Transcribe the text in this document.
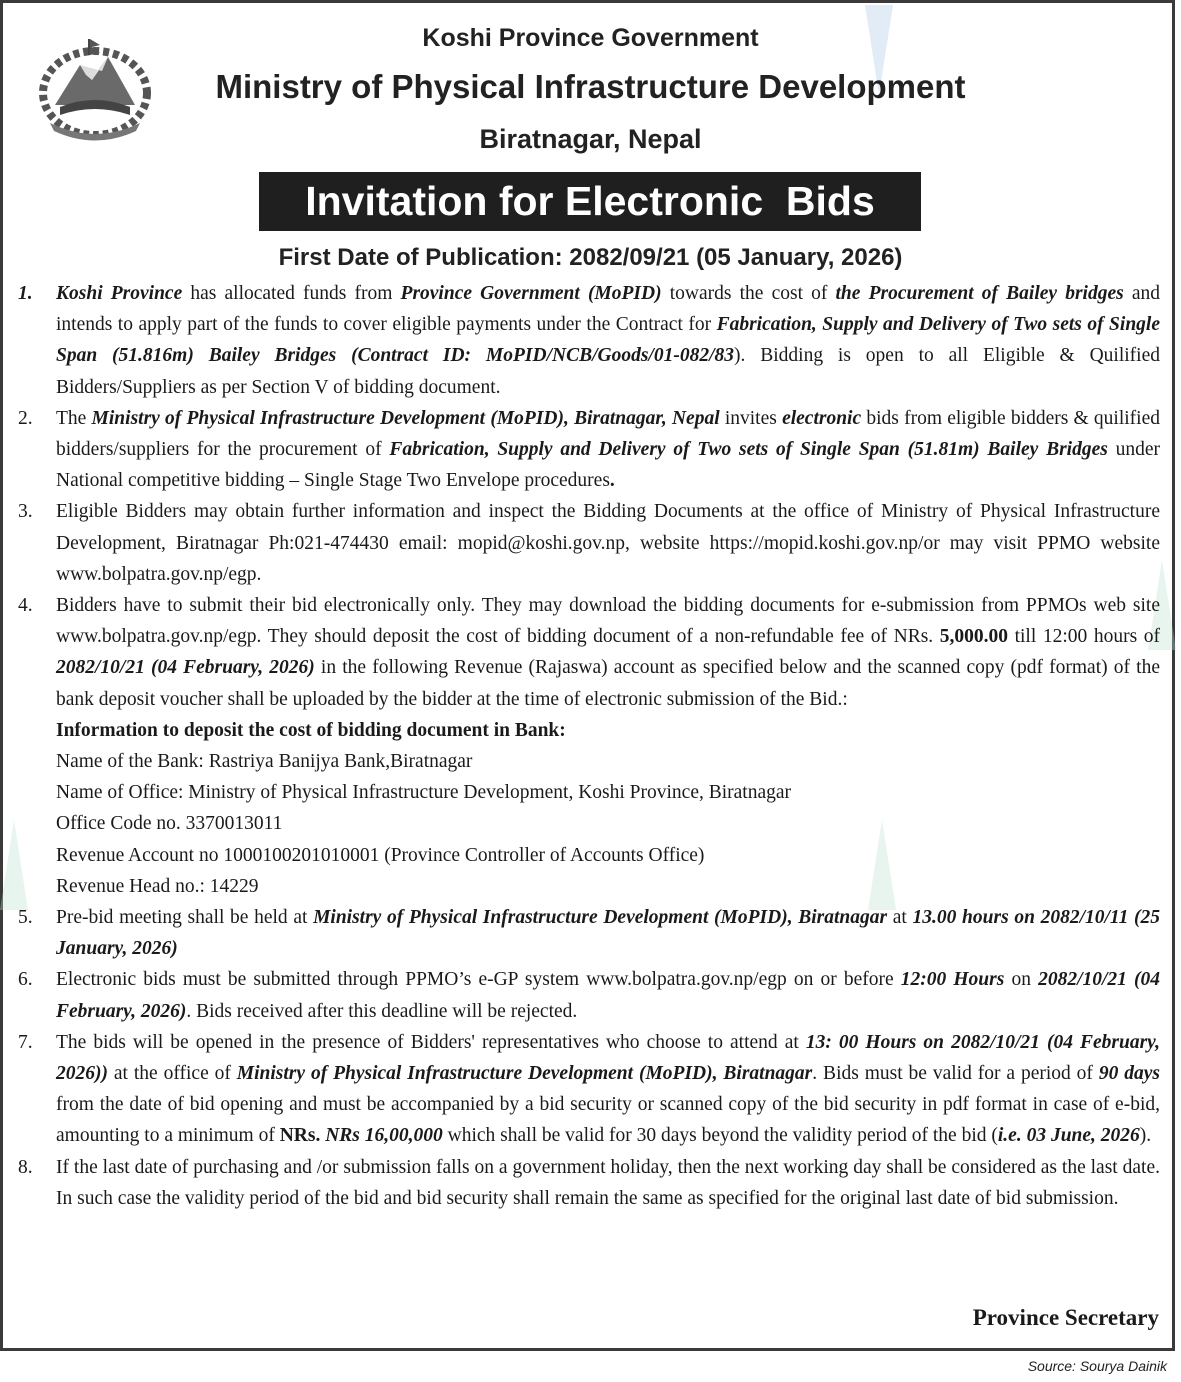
Koshi Province Government
Ministry of Physical Infrastructure Development
Biratnagar, Nepal
Invitation for Electronic  Bids
First Date of Publication: 2082/09/21 (05 January, 2026)
1.	Koshi Province has allocated funds from Province Government (MoPID) towards the cost of the Procurement of Bailey bridges and intends to apply part of the funds to cover eligible payments under the Contract for Fabrication, Supply and Delivery of Two sets of Single Span (51.816m) Bailey Bridges (Contract ID: MoPID/NCB/Goods/01-082/83). Bidding is open to all Eligible & Quilified Bidders/Suppliers as per Section V of bidding document.
2.	The Ministry of Physical Infrastructure Development (MoPID), Biratnagar, Nepal invites electronic bids from eligible bidders & quilified bidders/suppliers for the procurement of Fabrication, Supply and Delivery of Two sets of Single Span (51.81m) Bailey Bridges under National competitive bidding – Single Stage Two Envelope procedures.
3.	Eligible Bidders may obtain further information and inspect the Bidding Documents at the office of Ministry of Physical Infrastructure Development, Biratnagar Ph:021-474430 email: mopid@koshi.gov.np, website https://mopid.koshi.gov.np/or may visit PPMO website www.bolpatra.gov.np/egp.
4.	Bidders have to submit their bid electronically only. They may download the bidding documents for e-submission from PPMOs web site www.bolpatra.gov.np/egp. They should deposit the cost of bidding document of a non-refundable fee of NRs. 5,000.00 till 12:00 hours of 2082/10/21 (04 February, 2026) in the following Revenue (Rajaswa) account as specified below and the scanned copy (pdf format) of the bank deposit voucher shall be uploaded by the bidder at the time of electronic submission of the Bid.:
Information to deposit the cost of bidding document in Bank:
Name of the Bank: Rastriya Banijya Bank,Biratnagar
Name of Office: Ministry of Physical Infrastructure Development, Koshi Province, Biratnagar
Office Code no. 3370013011
Revenue Account no 1000100201010001 (Province Controller of Accounts Office)
Revenue Head no.: 14229
5.	Pre-bid meeting shall be held at Ministry of Physical Infrastructure Development (MoPID), Biratnagar at 13.00 hours on 2082/10/11 (25 January, 2026)
6.	Electronic bids must be submitted through PPMO’s e-GP system www.bolpatra.gov.np/egp on or before 12:00 Hours on 2082/10/21 (04 February, 2026). Bids received after this deadline will be rejected.
7.	The bids will be opened in the presence of Bidders' representatives who choose to attend at 13: 00 Hours on 2082/10/21 (04 February, 2026)) at the office of Ministry of Physical Infrastructure Development (MoPID), Biratnagar. Bids must be valid for a period of 90 days from the date of bid opening and must be accompanied by a bid security or scanned copy of the bid security in pdf format in case of e-bid, amounting to a minimum of NRs. NRs 16,00,000 which shall be valid for 30 days beyond the validity period of the bid (i.e. 03 June, 2026).
8.	If the last date of purchasing and /or submission falls on a government holiday, then the next working day shall be considered as the last date. In such case the validity period of the bid and bid security shall remain the same as specified for the original last date of bid submission.
Province Secretary
Source: Sourya Dainik
